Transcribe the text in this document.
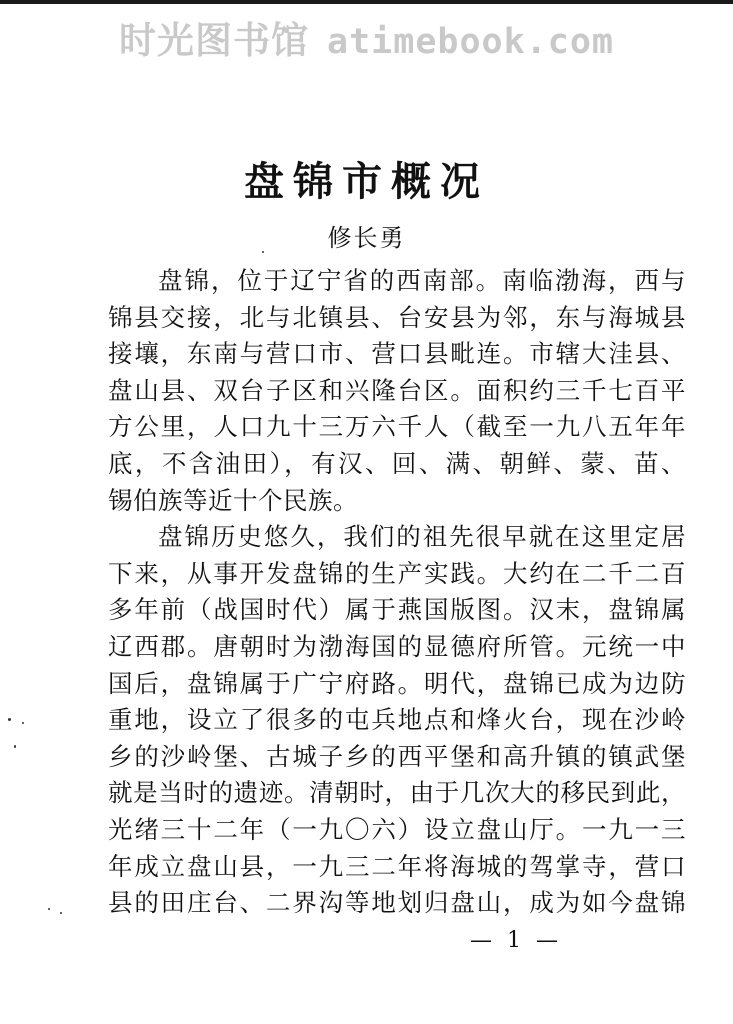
时光图书馆 atimebook.com
盘锦市概况
修长勇
盘锦，位于辽宁省的西南部。南临渤海，西与
锦县交接，北与北镇县、台安县为邻，东与海城县
接壤，东南与营口市、营口县毗连。市辖大洼县、
盘山县、双台子区和兴隆台区。面积约三千七百平
方公里，人口九十三万六千人（截至一九八五年年
底，不含油田），有汉、回、满、朝鲜、蒙、苗、
锡伯族等近十个民族。
盘锦历史悠久，我们的祖先很早就在这里定居
下来，从事开发盘锦的生产实践。大约在二千二百
多年前（战国时代）属于燕国版图。汉末，盘锦属
辽西郡。唐朝时为渤海国的显德府所管。元统一中
国后，盘锦属于广宁府路。明代，盘锦已成为边防
重地，设立了很多的屯兵地点和烽火台，现在沙岭
乡的沙岭堡、古城子乡的西平堡和高升镇的镇武堡
就是当时的遗迹。清朝时，由于几次大的移民到此，
光绪三十二年（一九〇六）设立盘山厅。一九一三
年成立盘山县，一九三二年将海城的驾掌寺，营口
县的田庄台、二界沟等地划归盘山，成为如今盘锦
— 1 —
